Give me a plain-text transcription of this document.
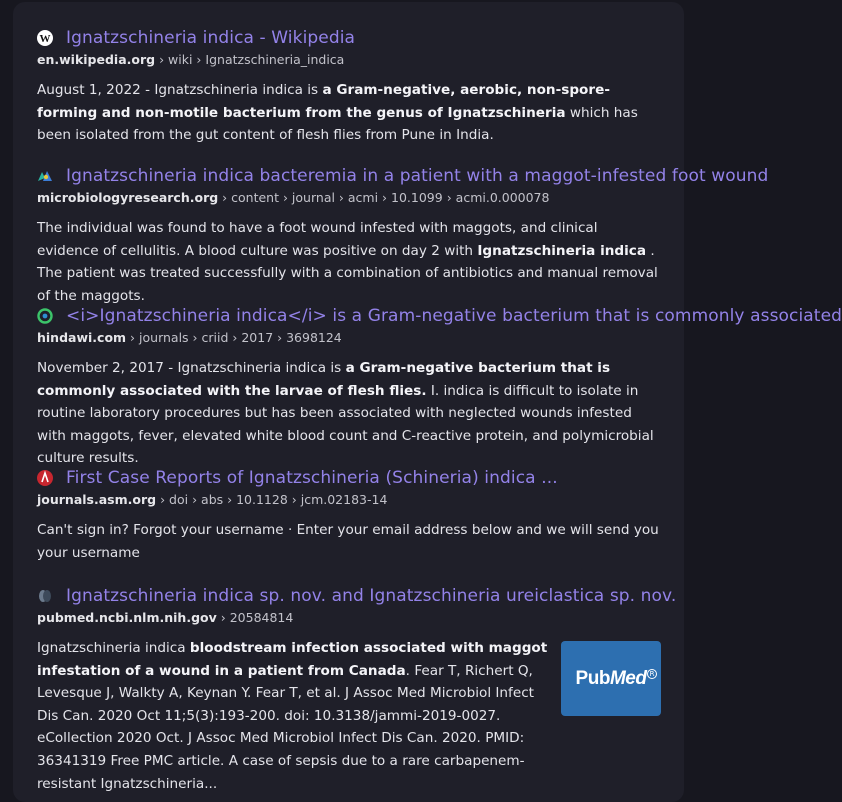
W Ignatzschineria indica - Wikipedia
en.wikipedia.org › wiki › Ignatzschineria_indica
August 1, 2022 - Ignatzschineria indica is a Gram-negative, aerobic, non-spore-forming and non-motile bacterium from the genus of Ignatzschineria which has been isolated from the gut content of flesh flies from Pune in India.
Ignatzschineria indica bacteremia in a patient with a maggot-infested foot wound
microbiologyresearch.org › content › journal › acmi › 10.1099 › acmi.0.000078
The individual was found to have a foot wound infested with maggots, and clinical evidence of cellulitis. A blood culture was positive on day 2 with Ignatzschineria indica . The patient was treated successfully with a combination of antibiotics and manual removal of the maggots.
<i>Ignatzschineria indica</i> is a Gram-negative bacterium that is commonly associated
hindawi.com › journals › criid › 2017 › 3698124
November 2, 2017 - Ignatzschineria indica is a Gram-negative bacterium that is commonly associated with the larvae of flesh flies. I. indica is difficult to isolate in routine laboratory procedures but has been associated with neglected wounds infested with maggots, fever, elevated white blood count and C-reactive protein, and polymicrobial culture results.
First Case Reports of Ignatzschineria (Schineria) indica ...
journals.asm.org › doi › abs › 10.1128 › jcm.02183-14
Can't sign in? Forgot your username · Enter your email address below and we will send you your username
Ignatzschineria indica sp. nov. and Ignatzschineria ureiclastica sp. nov.
pubmed.ncbi.nlm.nih.gov › 20584814
Ignatzschineria indica bloodstream infection associated with maggot infestation of a wound in a patient from Canada. Fear T, Richert Q, Levesque J, Walkty A, Keynan Y. Fear T, et al. J Assoc Med Microbiol Infect Dis Can. 2020 Oct 11;5(3):193-200. doi: 10.3138/jammi-2019-0027. eCollection 2020 Oct. J Assoc Med Microbiol Infect Dis Can. 2020. PMID: 36341319 Free PMC article. A case of sepsis due to a rare carbapenem-resistant Ignatzschineria...
PubMed R
